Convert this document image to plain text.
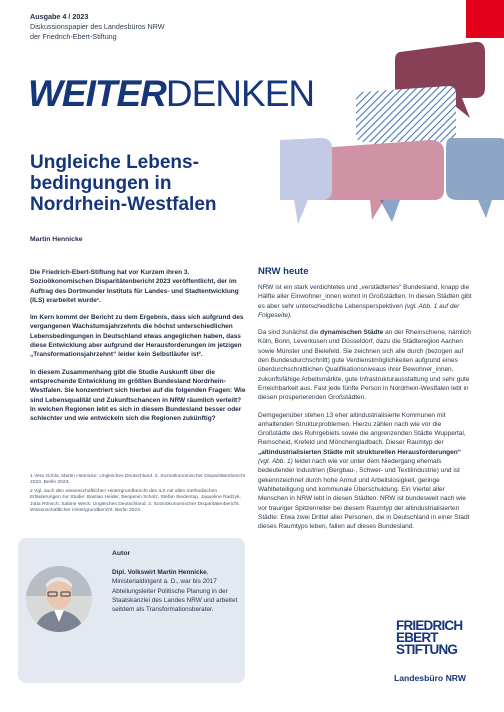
Ausgabe 4 / 2023
Diskussionspapier des Landesbüros NRW
der Friedrich-Ebert-Stiftung
WEITERDENKEN
Ungleiche Lebens-
bedingungen in
Nordrhein-Westfalen
Martin Hennicke

Die Friedrich-Ebert-Stiftung hat vor Kurzem ihren 3. Sozioökonomischen Disparitätenbericht 2023 veröffentlicht, der im Auftrag des Dortmunder Instituts für Landes- und Stadtentwicklung (ILS) erarbeitet wurde¹.

Im Kern kommt der Bericht zu dem Ergebnis, dass sich aufgrund des vergangenen Wachstumsjahrzehnts die höchst unterschiedlichen Lebensbedingungen in Deutschland etwas angeglichen haben, dass diese Entwicklung aber aufgrund der Herausforderungen im jetzigen „Transformationsjahrzehnt“ leider kein Selbstläufer ist².

In diesem Zusammenhang gibt die Studie Auskunft über die entsprechende Entwicklung im größten Bundesland Nordrhein-Westfalen. Sie konzentriert sich hierbei auf die folgenden Fragen: Wie sind Lebensqualität und Zukunftschancen in NRW räumlich verteilt? In welchen Regionen lebt es sich in diesem Bundesland besser oder schlechter und wie entwickeln sich die Regionen zukünftig?

1 Vera Gohla, Martin Hennicke: Ungleiches Deutschland. 3. Sozioökonomischer Disparitätenbericht 2023. Berlin 2023.

2 Vgl. auch den wissenschaftlichen Hintergrundbericht des ILS mit allen methodischen Erläuterungen zur Studie: Bastian Heider, Benjamin Scholz, Stefan Siedentop, Jaqueline Radzyk, Jutta Rönsch, Sabine Weck: Ungleiches Deutschland. 3. Sozioökonomischer Disparitätenbericht. Wissenschaftlicher Hintergrundbericht. Berlin 2023.

NRW heute

NRW ist ein stark verdichtetes und „verstädtertes“ Bundesland, knapp die Hälfte aller Einwohner_innen wohnt in Großstädten. In diesen Städten gibt es aber sehr unterschiedliche Lebensperspektiven (vgl. Abb. 1 auf der Folgeseite).

Da sind zunächst die dynamischen Städte an der Rheinschiene, nämlich Köln, Bonn, Leverkusen und Düsseldorf, dazu die Städteregion Aachen sowie Münster und Bielefeld. Sie zeichnen sich alle durch (bezogen auf den Bundesdurchschnitt) gute Verdienstmöglichkeiten aufgrund eines überdurchschnittlichen Qualifikationsniveaus ihrer Bewohner_innen, zukunftsfähige Arbeitsmärkte, gute Infrastrukturausstattung und sehr gute Erreichbarkeit aus. Fast jede fünfte Person in Nordrhein-Westfalen lebt in diesen prosperierenden Großstädten.

Demgegenüber stehen 13 eher altindustrialisierte Kommunen mit anhaltenden Strukturproblemen. Hierzu zählen nach wie vor die Großstädte des Ruhrgebiets sowie die angrenzenden Städte Wuppertal, Remscheid, Krefeld und Mönchengladbach. Dieser Raumtyp der „altindustrialisierten Städte mit strukturellen Herausforderungen“ (vgl. Abb. 1) leidet nach wie vor unter dem Niedergang ehemals bedeutender Industrien (Bergbau-, Schwer- und Textilindustrie) und ist gekennzeichnet durch hohe Armut und Arbeitslosigkeit, geringe Wahlbeteiligung und kommunale Überschuldung. Ein Viertel aller Menschen in NRW lebt in diesen Städten. NRW ist bundesweit nach wie vor trauriger Spitzenreiter bei diesem Raumtyp der altindustrialisierten Städte: Etwa zwei Drittel aller Personen, die in Deutschland in einer Stadt dieses Raumtyps leben, fallen auf dieses Bundesland.

Autor
Dipl. Volkswirt Martin Hennicke, Ministerialdirigent a. D., war bis 2017 Abteilungsleiter Politische Planung in der Staatskanzlei des Landes NRW und arbeitet seitdem als Transformationsberater.
FRIEDRICH
EBERT
STIFTUNG
Landesbüro NRW
